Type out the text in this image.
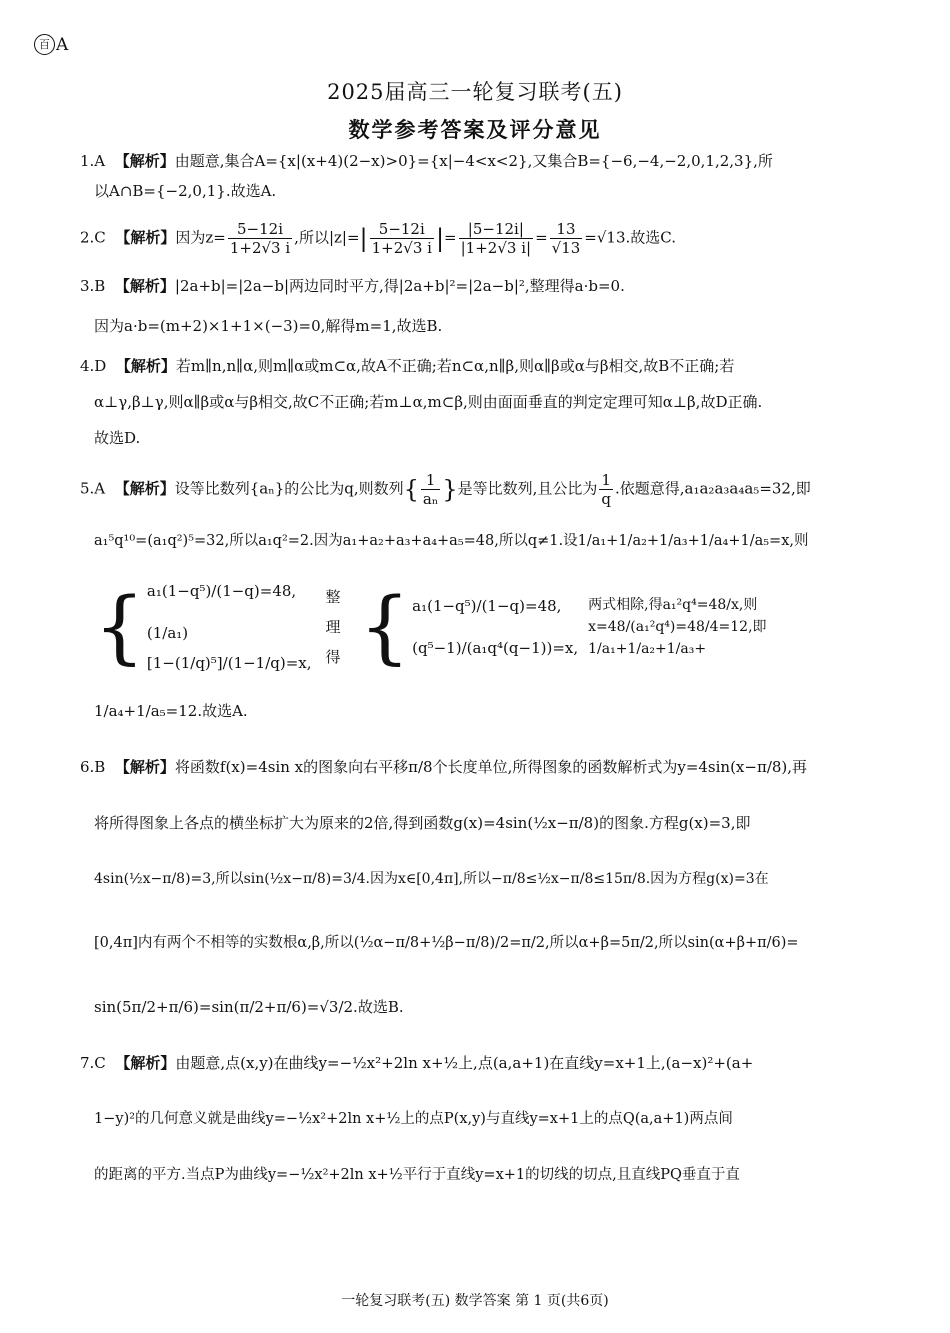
百 A
2025届高三一轮复习联考(五)
数学参考答案及评分意见
1.A 【解析】由题意,集合A={x|(x+4)(2−x)>0}={x|−4<x<2},又集合B={−6,−4,−2,0,1,2,3},所
以A∩B={−2,0,1}.故选A.
2.C 【解析】因为$z= \frac{5-12i}{1+2√3 i}$ ,所以$|z|=| \frac{5-12i}{1+2√3 i}$ |= $\frac{|5-12i|}{|1+2√3 i|} = \frac{13}{√13} =√13$.故选C.
3.B 【解析】|2a+b|=|2a−b|两边同时平方,得|2a+b|²=|2a−b|²,整理得a·b=0.
因为a·b=(m+2)×1+1×(−3)=0,解得m=1,故选B.
4.D 【解析】若m∥n,n∥α,则m∥α或m⊂α,故A不正确;若n⊂α,n∥β,则α∥β或α与β相交,故B不正确;若
α⊥γ,β⊥γ,则α∥β或α与β相交,故C不正确;若m⊥α,m⊂β,则由面面垂直的判定定理可知α⊥β,故D正确.
故选D.
5.A 【解析】设等比数列{aₙ}的公比为q,则数列{ $\frac{1}{\text{aₙ}}$ }是等比数列,且公比为 $\frac{1}{q}$ .依题意得,a₁a₂a₃a₄a₅=32,即
a₁⁵q¹⁰=(a₁q²)⁵=32,所以a₁q²=2.因为a₁+a₂+a₃+a₄+a₅=48,所以q≠1.设1/a₁+1/a₂+1/a₃+1/a₄+1/a₅=x,则
{ a₁(1−q⁵)/(1−q)=48,
(1/a₁)[1−(1/q)⁵]/(1−1/q)=x,
整理得 { a₁(1−q⁵)/(1−q)=48,
(q⁵−1)/(a₁q⁴(q−1))=x,
两式相除,得a₁²q⁴=48/x,则x=48/(a₁²q⁴)=48/4=12,即1/a₁+1/a₂+1/a₃+
1/a₄+1/a₅=12.故选A.
6.B 【解析】将函数f(x)=4sin x的图象向右平移π/8个长度单位,所得图象的函数解析式为y=4sin(x−π/8),再
将所得图象上各点的横坐标扩大为原来的2倍,得到函数g(x)=4sin(½x−π/8)的图象.方程g(x)=3,即
4sin(½x−π/8)=3,所以sin(½x−π/8)=3/4.因为x∈[0,4π],所以−π/8≤½x−π/8≤15π/8.因为方程g(x)=3在
[0,4π]内有两个不相等的实数根α,β,所以(½α−π/8+½β−π/8)/2=π/2,所以α+β=5π/2,所以sin(α+β+π/6)=
sin(5π/2+π/6)=sin(π/2+π/6)=√3/2.故选B.
7.C 【解析】由题意,点(x,y)在曲线y=−½x²+2ln x+½上,点(a,a+1)在直线y=x+1上,(a−x)²+(a+
1−y)²的几何意义就是曲线y=−½x²+2ln x+½上的点P(x,y)与直线y=x+1上的点Q(a,a+1)两点间
的距离的平方.当点P为曲线y=−½x²+2ln x+½平行于直线y=x+1的切线的切点,且直线PQ垂直于直
一轮复习联考(五) 数学答案 第 1 页(共6页)
